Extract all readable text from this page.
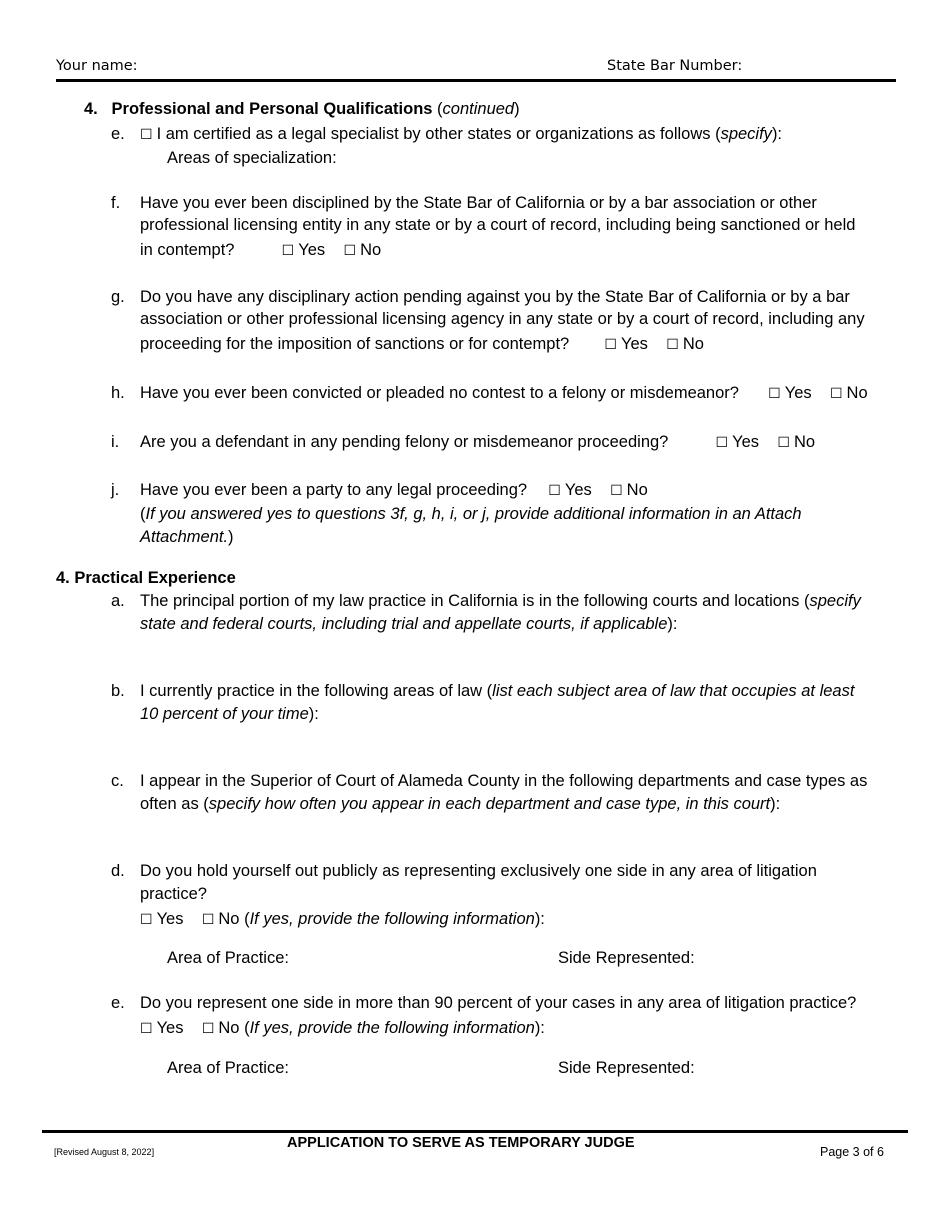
Your name:	State Bar Number:
4. Professional and Personal Qualifications (continued)
e. ☐ I am certified as a legal specialist by other states or organizations as follows (specify):
Areas of specialization:
f. Have you ever been disciplined by the State Bar of California or by a bar association or other
professional licensing entity in any state or by a court of record, including being sanctioned or held
in contempt?	☐ Yes ☐ No
g. Do you have any disciplinary action pending against you by the State Bar of California or by a bar
association or other professional licensing agency in any state or by a court of record, including any
proceeding for the imposition of sanctions or for contempt?	☐ Yes ☐ No
h. Have you ever been convicted or pleaded no contest to a felony or misdemeanor? ☐ Yes ☐ No
i. Are you a defendant in any pending felony or misdemeanor proceeding?	☐ Yes ☐ No
j. Have you ever been a party to any legal proceeding? ☐ Yes ☐ No
(If you answered yes to questions 3f, g, h, i, or j, provide additional information in an Attach
Attachment.)
4. Practical Experience
a. The principal portion of my law practice in California is in the following courts and locations (specify
state and federal courts, including trial and appellate courts, if applicable):
b. I currently practice in the following areas of law (list each subject area of law that occupies at least
10 percent of your time):
c. I appear in the Superior of Court of Alameda County in the following departments and case types as
often as (specify how often you appear in each department and case type, in this court):
d. Do you hold yourself out publicly as representing exclusively one side in any area of litigation
practice?
☐ Yes ☐ No (If yes, provide the following information):
Area of Practice:	Side Represented:
e. Do you represent one side in more than 90 percent of your cases in any area of litigation practice?
☐ Yes ☐ No (If yes, provide the following information):
Area of Practice:	Side Represented:
[Revised August 8, 2022]
APPLICATION TO SERVE AS TEMPORARY JUDGE
Page 3 of 6
